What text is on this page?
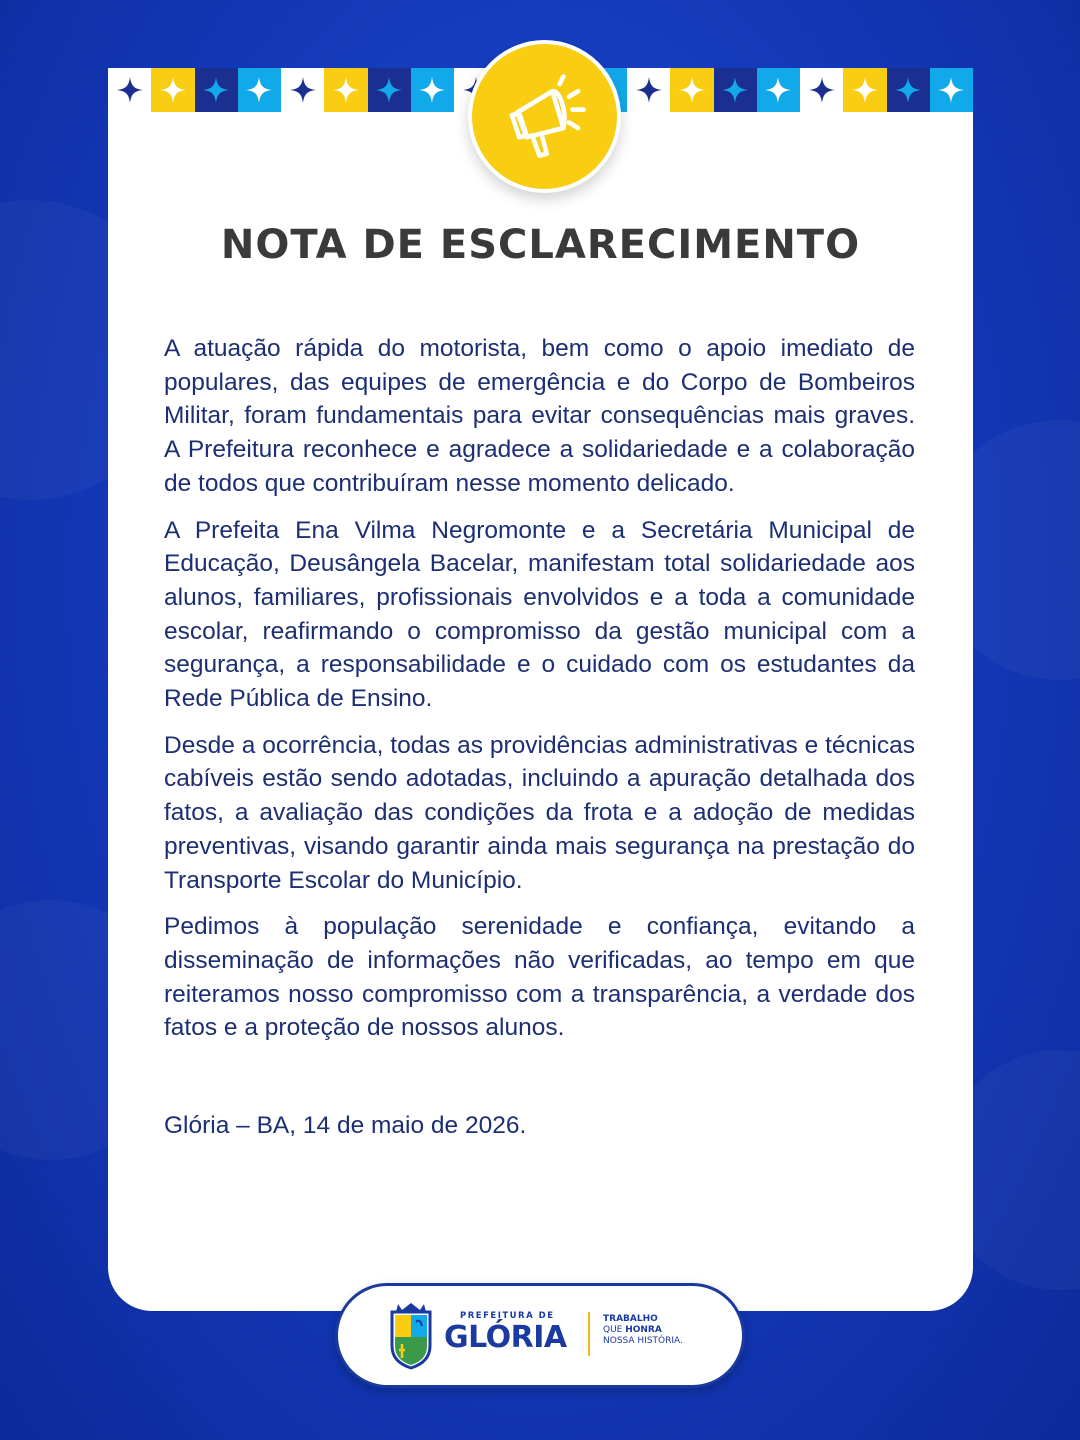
NOTA DE ESCLARECIMENTO

A atuação rápida do motorista, bem como o apoio imediato de populares, das equipes de emergência e do Corpo de Bombeiros Militar, foram fundamentais para evitar consequências mais graves. A Prefeitura reconhece e agradece a solidariedade e a colaboração de todos que contribuíram nesse momento delicado.

A Prefeita Ena Vilma Negromonte e a Secretária Municipal de Educação, Deusângela Bacelar, manifestam total solidariedade aos alunos, familiares, profissionais envolvidos e a toda a comunidade escolar, reafirmando o compromisso da gestão municipal com a segurança, a responsabilidade e o cuidado com os estudantes da Rede Pública de Ensino.

Desde a ocorrência, todas as providências administrativas e técnicas cabíveis estão sendo adotadas, incluindo a apuração detalhada dos fatos, a avaliação das condições da frota e a adoção de medidas preventivas, visando garantir ainda mais segurança na prestação do Transporte Escolar do Município.

Pedimos à população serenidade e confiança, evitando a disseminação de informações não verificadas, ao tempo em que reiteramos nosso compromisso com a transparência, a verdade dos fatos e a proteção de nossos alunos.

Glória – BA, 14 de maio de 2026.

PREFEITURA DE
GLÓRIA
TRABALHO
QUE HONRA
NOSSA HISTÓRIA.
